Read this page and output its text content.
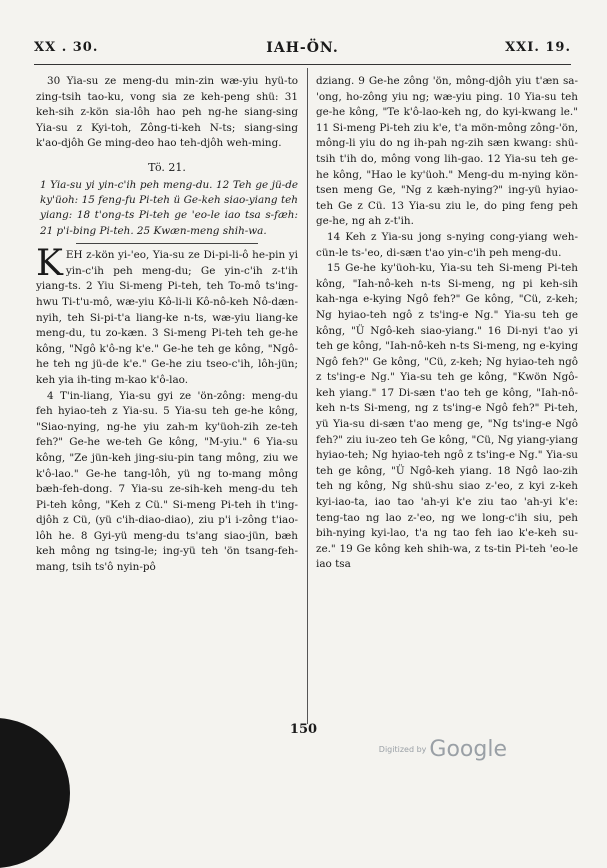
XX . 30.	IAH-ÖN.	XXI. 19.

30 Yia-su ze meng-du min-zin wæ-yiu hyü-to zing-tsih tao-ku, vong sia ze keh-peng shü: 31 keh-sih z-kön sia-lôh hao peh ng-he siang-sing Yia-su z Kyi-toh, Zông-ti-keh N-ts; siang-sing k'ao-djôh Ge ming-deo hao teh-djôh weh-ming.

Tö. 21.

1 Yia-su yi yin-c'ih peh meng-du. 12 Teh ge jü-de ky'üoh: 15 feng-fu Pi-teh ü Ge-keh siao-yiang teh yiang: 18 t'ong-ts Pi-teh ge 'eo-le iao tsa s-fæh: 21 p'i-bing Pi-teh. 25 Kwæn-meng shih-wa.

KEH z-kön yi-'eo, Yia-su ze Di-pi-li-ô he-pin yi yin-c'ih peh meng-du; Ge yin-c'ih z-t'ih yiang-ts. 2 Yiu Si-meng Pi-teh, teh To-mô ts'ing-hwu Ti-t'u-mô, wæ-yiu Kô-li-li Kô-nô-keh Nô-dæn-nyih, teh Si-pi-t'a liang-ke n-ts, wæ-yiu liang-ke meng-du, tu zo-kæn. 3 Si-meng Pi-teh teh ge-he kông, "Ngô k'ô-ng k'e." Ge-he teh ge kông, "Ngô-he teh ng jü-de k'e." Ge-he ziu tseo-c'ih, lôh-jün; keh yia ih-ting m-kao k'ô-lao.

4 T'in-liang, Yia-su gyi ze 'ön-zông: meng-du feh hyiao-teh z Yia-su. 5 Yia-su teh ge-he kông, "Siao-nying, ng-he yiu zah-m ky'üoh-zih ze-teh feh?" Ge-he we-teh Ge kông, "M-yiu." 6 Yia-su kông, "Ze jün-keh jing-siu-pin tang mông, ziu we k'ô-lao." Ge-he tang-lôh, yü ng to-mang mông bæh-feh-dong. 7 Yia-su ze-sih-keh meng-du teh Pi-teh kông, "Keh z Cü." Si-meng Pi-teh ih t'ing-djôh z Cü, (yü c'ih-diao-diao), ziu p'i i-zông t'iao-lôh he. 8 Gyi-yü meng-du ts'ang siao-jün, bæh keh mông ng tsing-le; ing-yü teh 'ön tsang-feh-mang, tsih ts'ô nyin-pô

dziang. 9 Ge-he zông 'ön, mông-djôh yiu t'æn sa-'ong, ho-zông yiu ng; wæ-yiu ping. 10 Yia-su teh ge-he kông, "Te k'ô-lao-keh ng, do kyi-kwang le." 11 Si-meng Pi-teh ziu k'e, t'a mön-mông zông-'ön, mông-li yiu do ng ih-pah ng-zih sæn kwang: shü-tsih t'ih do, mông vong lih-gao. 12 Yia-su teh ge-he kông, "Hao le ky'üoh." Meng-du m-nying kön-tsen meng Ge, "Ng z kæh-nying?" ing-yü hyiao-teh Ge z Cü. 13 Yia-su ziu le, do ping feng peh ge-he, ng ah z-t'ih.

14 Keh z Yia-su jong s-nying cong-yiang weh-cün-le ts-'eo, di-sæn t'ao yin-c'ih peh meng-du.

15 Ge-he ky'üoh-ku, Yia-su teh Si-meng Pi-teh kông, "Iah-nô-keh n-ts Si-meng, ng pi keh-sih kah-nga e-kying Ngô feh?" Ge kông, "Cü, z-keh; Ng hyiao-teh ngô z ts'ing-e Ng." Yia-su teh ge kông, "Ü Ngô-keh siao-yiang." 16 Di-nyi t'ao yi teh ge kông, "Iah-nô-keh n-ts Si-meng, ng e-kying Ngô feh?" Ge kông, "Cü, z-keh; Ng hyiao-teh ngô z ts'ing-e Ng." Yia-su teh ge kông, "Kwön Ngô-keh yiang." 17 Di-sæn t'ao teh ge kông, "Iah-nô-keh n-ts Si-meng, ng z ts'ing-e Ngô feh?" Pi-teh, yü Yia-su di-sæn t'ao meng ge, "Ng ts'ing-e Ngô feh?" ziu iu-zeo teh Ge kông, "Cü, Ng yiang-yiang hyiao-teh; Ng hyiao-teh ngô z ts'ing-e Ng." Yia-su teh ge kông, "Ü Ngô-keh yiang. 18 Ngô lao-zih teh ng kông, Ng shü-shu siao z-'eo, z kyi z-keh kyi-iao-ta, iao tao 'ah-yi k'e ziu tao 'ah-yi k'e: teng-tao ng lao z-'eo, ng we long-c'ih siu, peh bih-nying kyi-lao, t'a ng tao feh iao k'e-keh su-ze." 19 Ge kông keh shih-wa, z ts-tin Pi-teh 'eo-le iao tsa

150
Digitized by Google
